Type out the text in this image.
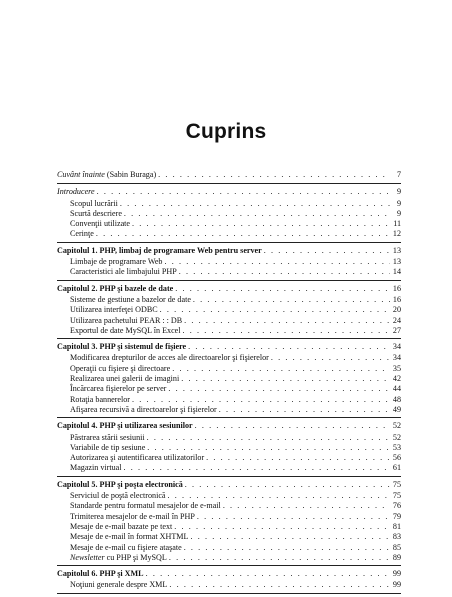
Cuprins
Cuvânt înainte (Sabin Buraga) . . .	7
Introducere . . .	9
Scopul lucrării . . .	9
Scurtă descriere . . .	9
Convenţii utilizate . . .	11
Cerinţe . . .	12
Capitolul 1. PHP, limbaj de programare Web pentru server . . .	13
Limbaje de programare Web . . .	13
Caracteristici ale limbajului PHP . . .	14
Capitolul 2. PHP şi bazele de date . . .	16
Sisteme de gestiune a bazelor de date . . .	16
Utilizarea interfeţei ODBC . . .	20
Utilizarea pachetului PEAR : : DB . . .	24
Exportul de date MySQL în Excel . . .	27
Capitolul 3. PHP şi sistemul de fişiere . . .	34
Modificarea drepturilor de acces ale directoarelor şi fişierelor . . .	34
Operaţii cu fişiere şi directoare . . .	35
Realizarea unei galerii de imagini . . .	42
Încărcarea fişierelor pe server . . .	44
Rotaţia bannerelor . . .	48
Afişarea recursivă a directoarelor şi fişierelor . . .	49
Capitolul 4. PHP şi utilizarea sesiunilor . . .	52
Păstrarea stării sesiunii . . .	52
Variabile de tip sesiune . . .	53
Autorizarea şi autentificarea utilizatorilor . . .	56
Magazin virtual . . .	61
Capitolul 5. PHP şi poşta electronică . . .	75
Serviciul de poştă electronică . . .	75
Standarde pentru formatul mesajelor de e-mail . . .	76
Trimiterea mesajelor de e-mail în PHP . . .	79
Mesaje de e-mail bazate pe text . . .	81
Mesaje de e-mail în format XHTML . . .	83
Mesaje de e-mail cu fişiere ataşate . . .	85
Newsletter cu PHP şi MySQL . . .	89
Capitolul 6. PHP şi XML . . .	99
Noţiuni generale despre XML . . .	99
